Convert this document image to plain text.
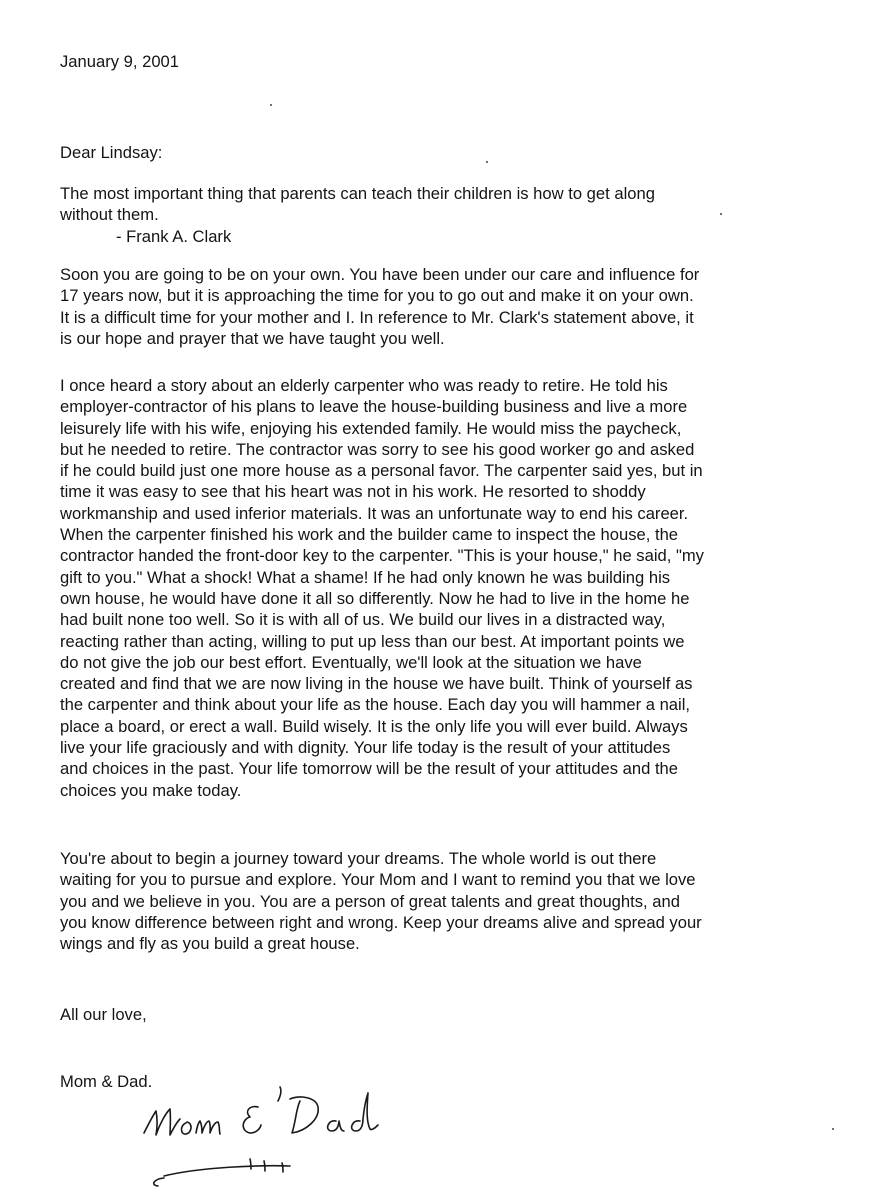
January 9, 2001

Dear Lindsay:

The most important thing that parents can teach their children is how to get along
without them.

- Frank A. Clark

Soon you are going to be on your own. You have been under our care and influence for
17 years now, but it is approaching the time for you to go out and make it on your own.
It is a difficult time for your mother and I. In reference to Mr. Clark's statement above, it
is our hope and prayer that we have taught you well.
I once heard a story about an elderly carpenter who was ready to retire. He told his
employer-contractor of his plans to leave the house-building business and live a more
leisurely life with his wife, enjoying his extended family. He would miss the paycheck,
but he needed to retire. The contractor was sorry to see his good worker go and asked
if he could build just one more house as a personal favor. The carpenter said yes, but in
time it was easy to see that his heart was not in his work. He resorted to shoddy
workmanship and used inferior materials. It was an unfortunate way to end his career.
When the carpenter finished his work and the builder came to inspect the house, the
contractor handed the front-door key to the carpenter. "This is your house," he said, "my
gift to you." What a shock! What a shame! If he had only known he was building his
own house, he would have done it all so differently. Now he had to live in the home he
had built none too well. So it is with all of us. We build our lives in a distracted way,
reacting rather than acting, willing to put up less than our best. At important points we
do not give the job our best effort. Eventually, we'll look at the situation we have
created and find that we are now living in the house we have built. Think of yourself as
the carpenter and think about your life as the house. Each day you will hammer a nail,
place a board, or erect a wall. Build wisely. It is the only life you will ever build. Always
live your life graciously and with dignity. Your life today is the result of your attitudes
and choices in the past. Your life tomorrow will be the result of your attitudes and the
choices you make today.
You're about to begin a journey toward your dreams. The whole world is out there
waiting for you to pursue and explore. Your Mom and I want to remind you that we love
you and we believe in you. You are a person of great talents and great thoughts, and
you know difference between right and wrong. Keep your dreams alive and spread your
wings and fly as you build a great house.

All our love,

Mom & Dad.
